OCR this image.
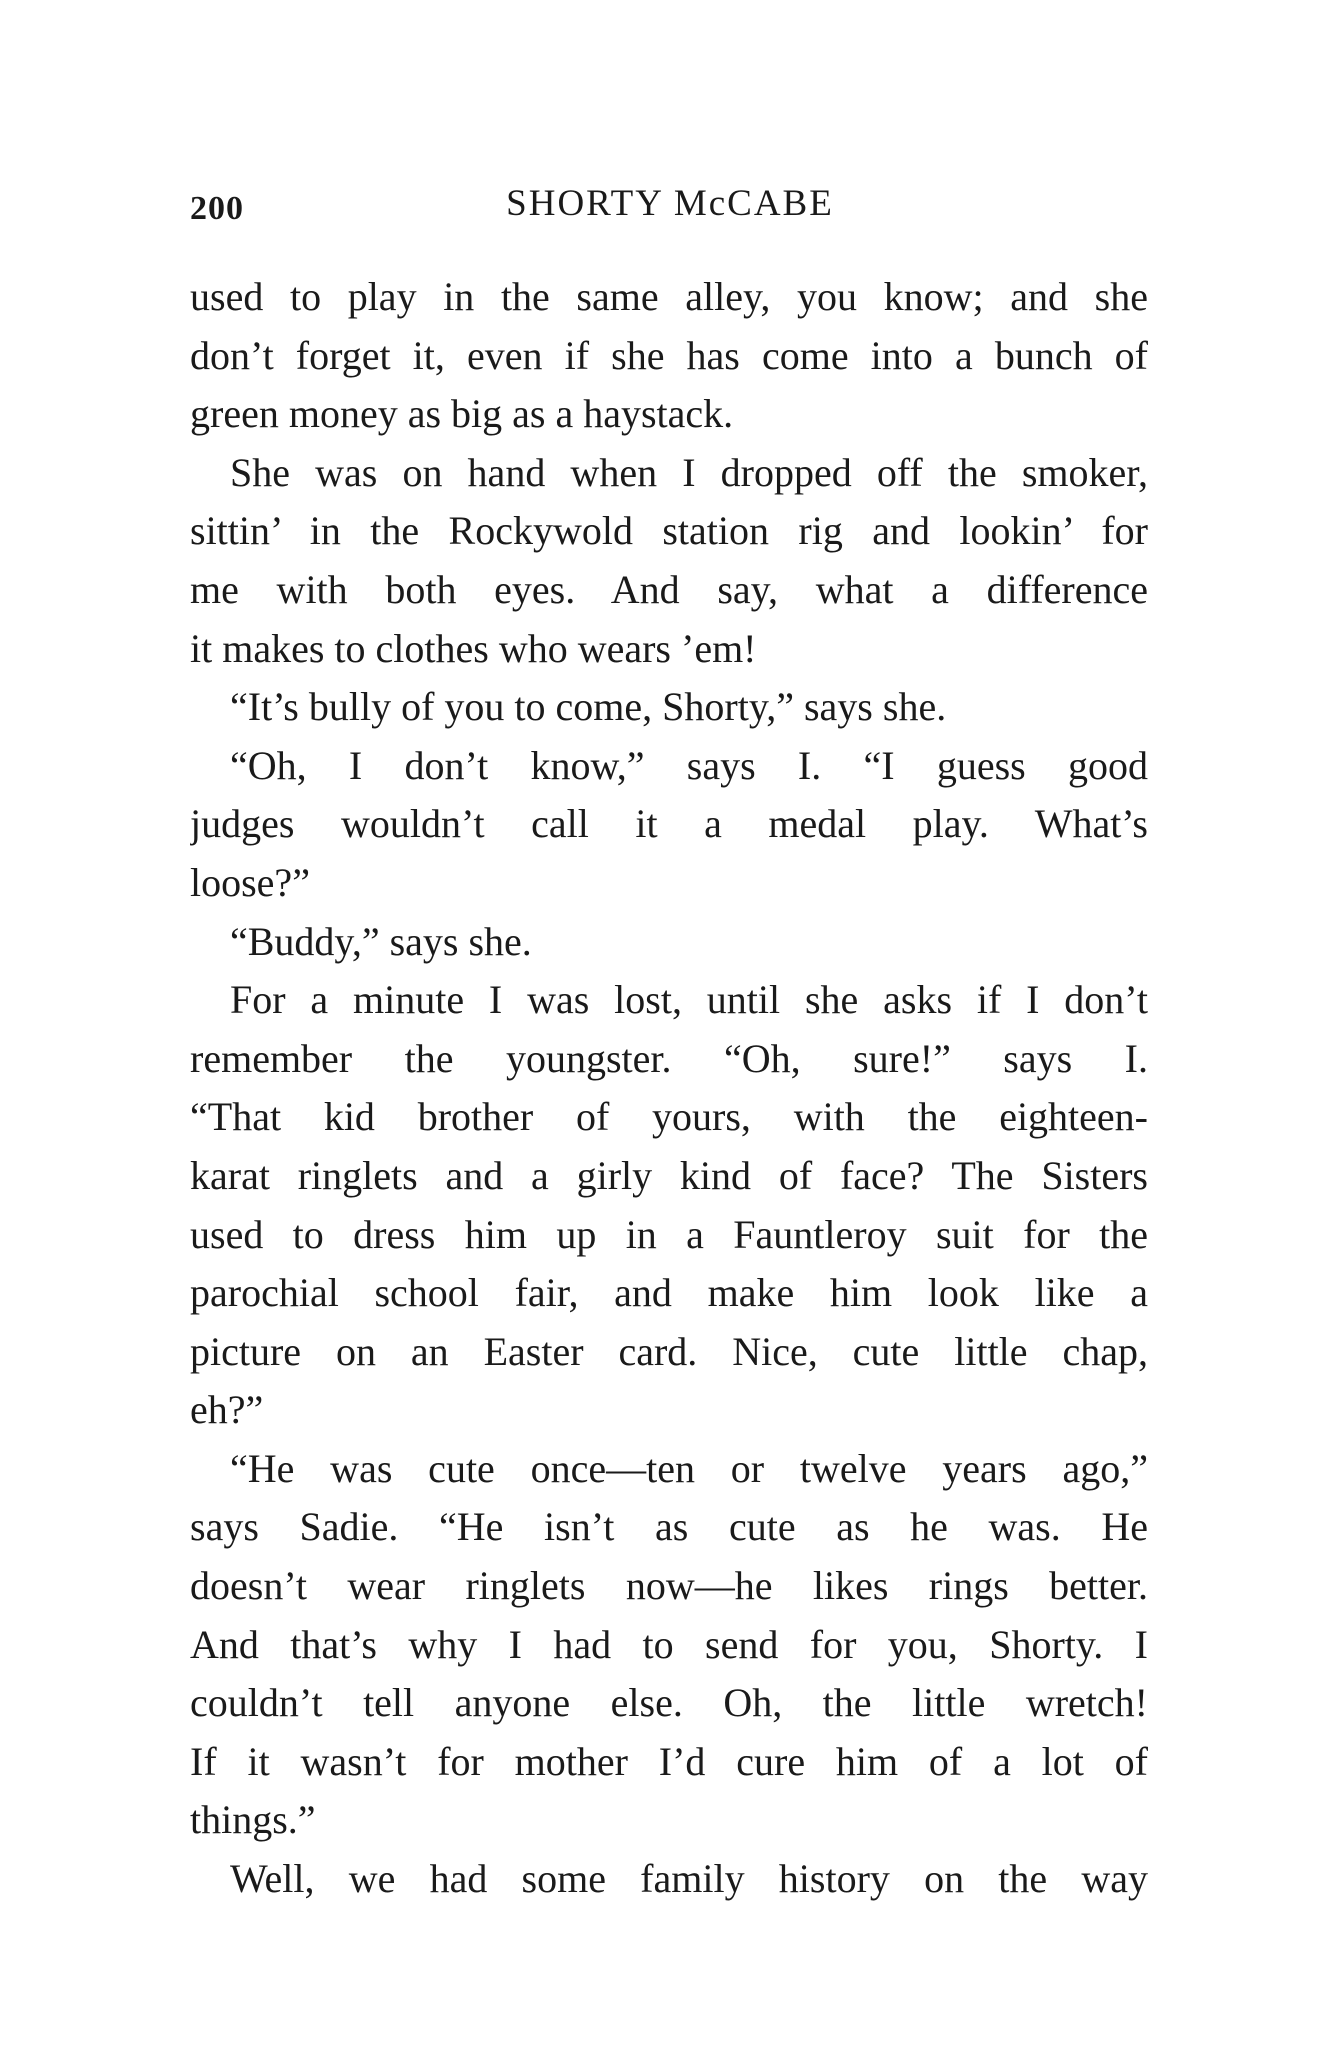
200	SHORTY McCABE
used to play in the same alley, you know; and she
don’t forget it, even if she has come into a bunch of
green money as big as a haystack.
She was on hand when I dropped off the smoker,
sittin’ in the Rockywold station rig and lookin’ for
me with both eyes. And say, what a difference
it makes to clothes who wears ’em!
“It’s bully of you to come, Shorty,” says she.
“Oh, I don’t know,” says I. “I guess good
judges wouldn’t call it a medal play. What’s
loose?”
“Buddy,” says she.
For a minute I was lost, until she asks if I don’t
remember the youngster. “Oh, sure!” says I.
“That kid brother of yours, with the eighteen-
karat ringlets and a girly kind of face? The Sisters
used to dress him up in a Fauntleroy suit for the
parochial school fair, and make him look like a
picture on an Easter card. Nice, cute little chap,
eh?”
“He was cute once—ten or twelve years ago,”
says Sadie. “He isn’t as cute as he was. He
doesn’t wear ringlets now—he likes rings better.
And that’s why I had to send for you, Shorty. I
couldn’t tell anyone else. Oh, the little wretch!
If it wasn’t for mother I’d cure him of a lot of
things.”
Well, we had some family history on the way
